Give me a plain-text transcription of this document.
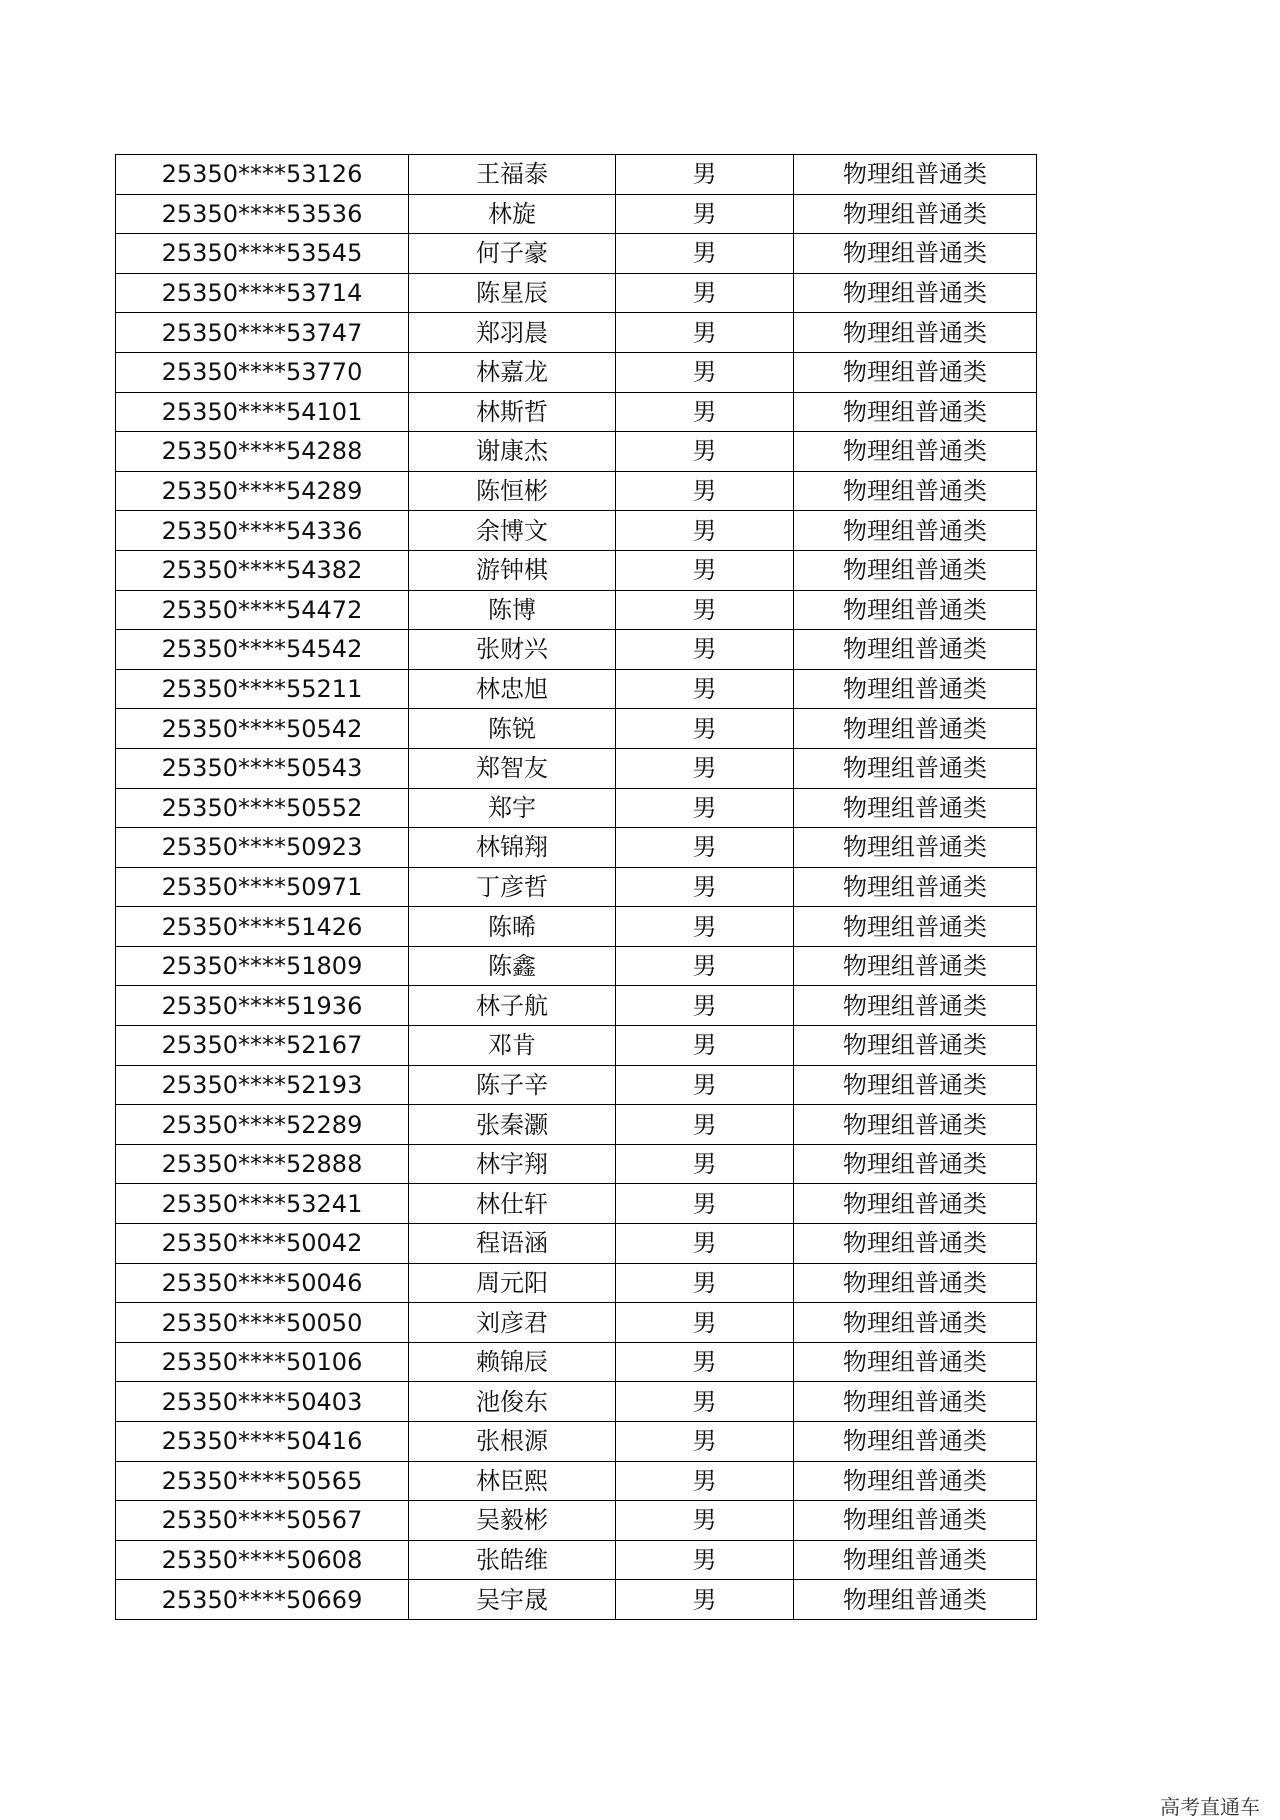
25350****53126	王福泰	男	物理组普通类
25350****53536	林旋	男	物理组普通类
25350****53545	何子豪	男	物理组普通类
25350****53714	陈星辰	男	物理组普通类
25350****53747	郑羽晨	男	物理组普通类
25350****53770	林嘉龙	男	物理组普通类
25350****54101	林斯哲	男	物理组普通类
25350****54288	谢康杰	男	物理组普通类
25350****54289	陈恒彬	男	物理组普通类
25350****54336	余博文	男	物理组普通类
25350****54382	游钟棋	男	物理组普通类
25350****54472	陈博	男	物理组普通类
25350****54542	张财兴	男	物理组普通类
25350****55211	林忠旭	男	物理组普通类
25350****50542	陈锐	男	物理组普通类
25350****50543	郑智友	男	物理组普通类
25350****50552	郑宇	男	物理组普通类
25350****50923	林锦翔	男	物理组普通类
25350****50971	丁彦哲	男	物理组普通类
25350****51426	陈晞	男	物理组普通类
25350****51809	陈鑫	男	物理组普通类
25350****51936	林子航	男	物理组普通类
25350****52167	邓肯	男	物理组普通类
25350****52193	陈子辛	男	物理组普通类
25350****52289	张秦灏	男	物理组普通类
25350****52888	林宇翔	男	物理组普通类
25350****53241	林仕轩	男	物理组普通类
25350****50042	程语涵	男	物理组普通类
25350****50046	周元阳	男	物理组普通类
25350****50050	刘彦君	男	物理组普通类
25350****50106	赖锦辰	男	物理组普通类
25350****50403	池俊东	男	物理组普通类
25350****50416	张根源	男	物理组普通类
25350****50565	林臣熙	男	物理组普通类
25350****50567	吴毅彬	男	物理组普通类
25350****50608	张皓维	男	物理组普通类
25350****50669	吴宇晟	男	物理组普通类
高考直通车
